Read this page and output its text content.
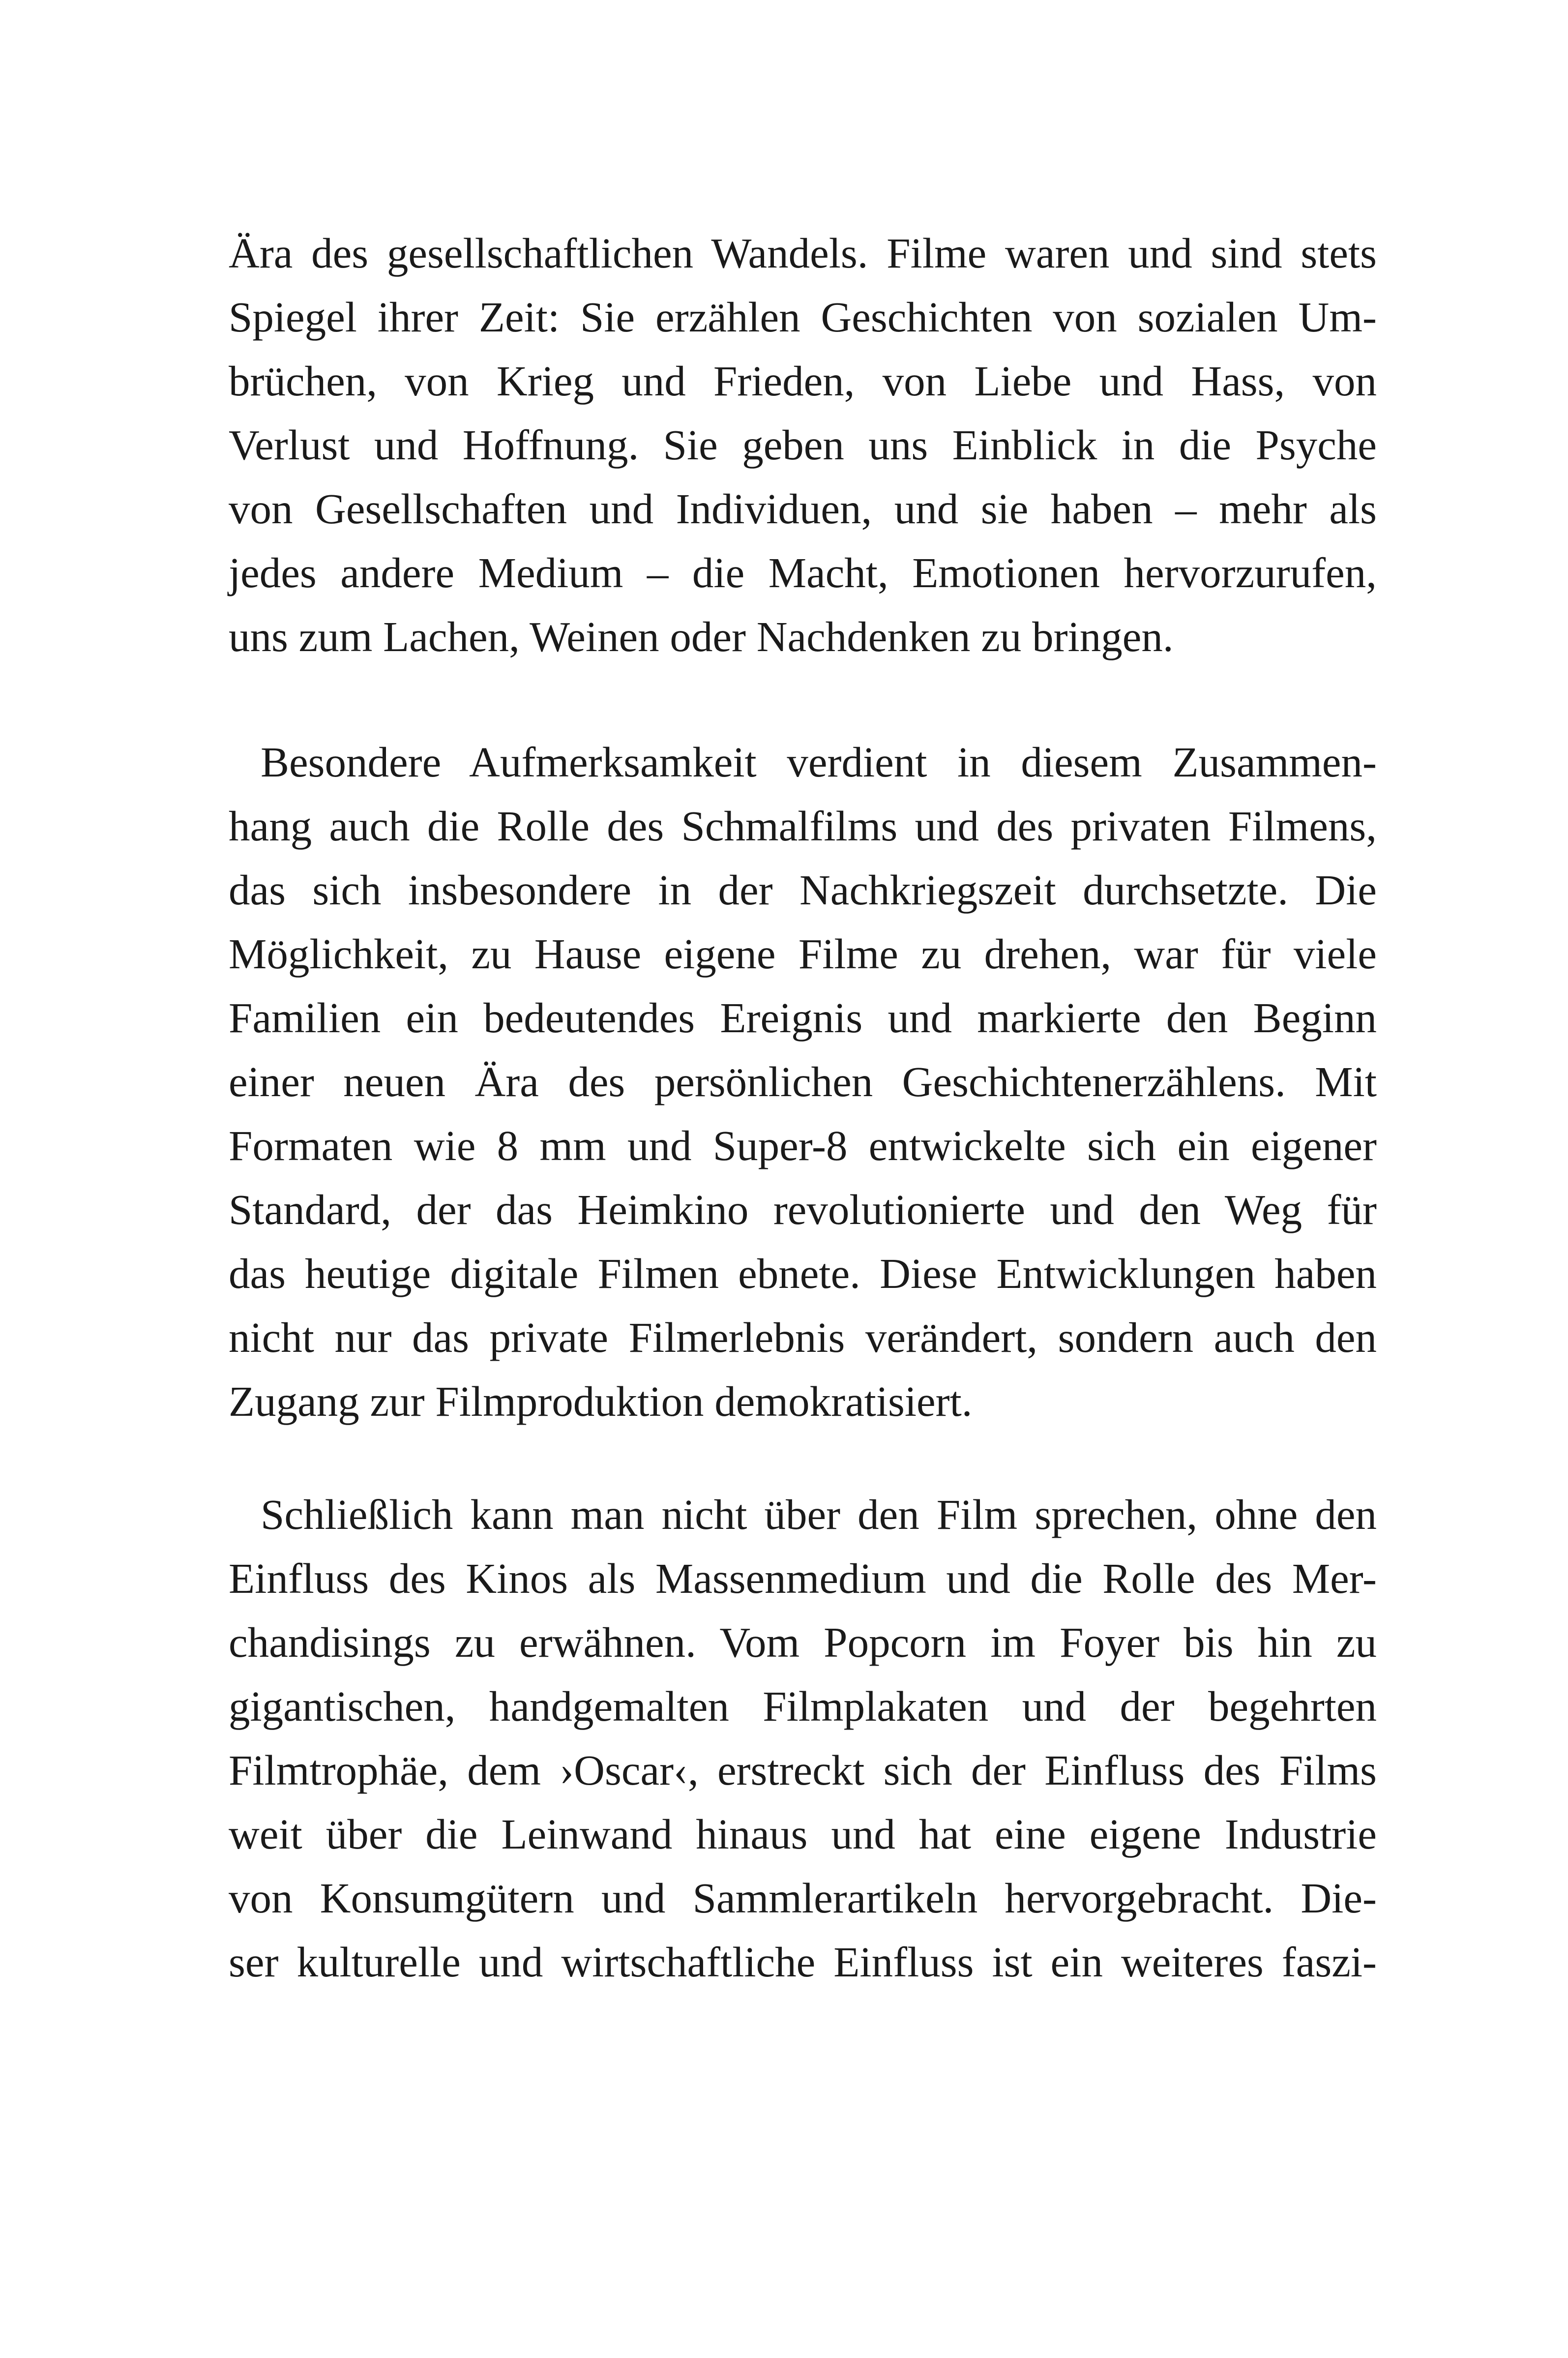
Ära des gesellschaftlichen Wandels. Filme waren und sind stets
Spiegel ihrer Zeit: Sie erzählen Geschichten von sozialen Um-
brüchen, von Krieg und Frieden, von Liebe und Hass, von
Verlust und Hoffnung. Sie geben uns Einblick in die Psyche
von Gesellschaften und Individuen, und sie haben – mehr als
jedes andere Medium – die Macht, Emotionen hervorzurufen,
uns zum Lachen, Weinen oder Nachdenken zu bringen.
Besondere Aufmerksamkeit verdient in diesem Zusammen-
hang auch die Rolle des Schmalfilms und des privaten Filmens,
das sich insbesondere in der Nachkriegszeit durchsetzte. Die
Möglichkeit, zu Hause eigene Filme zu drehen, war für viele
Familien ein bedeutendes Ereignis und markierte den Beginn
einer neuen Ära des persönlichen Geschichtenerzählens. Mit
Formaten wie 8 mm und Super-8 entwickelte sich ein eigener
Standard, der das Heimkino revolutionierte und den Weg für
das heutige digitale Filmen ebnete. Diese Entwicklungen haben
nicht nur das private Filmerlebnis verändert, sondern auch den
Zugang zur Filmproduktion demokratisiert.
Schließlich kann man nicht über den Film sprechen, ohne den
Einfluss des Kinos als Massenmedium und die Rolle des Mer-
chandisings zu erwähnen. Vom Popcorn im Foyer bis hin zu
gigantischen, handgemalten Filmplakaten und der begehrten
Filmtrophäe, dem ›Oscar‹, erstreckt sich der Einfluss des Films
weit über die Leinwand hinaus und hat eine eigene Industrie
von Konsumgütern und Sammlerartikeln hervorgebracht. Die-
ser kulturelle und wirtschaftliche Einfluss ist ein weiteres faszi-
